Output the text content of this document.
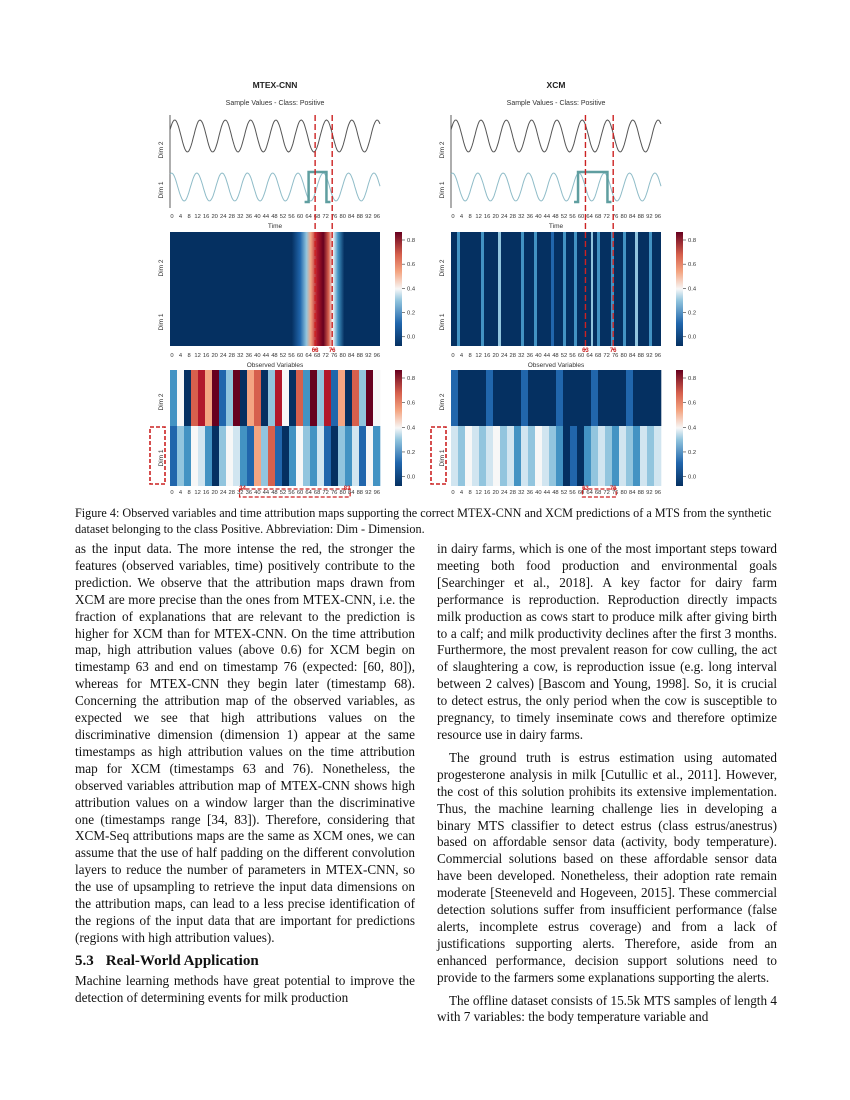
MTEX-CNN
Sample Values - Class: Positive
Dim 2
Dim 1
0
0
0
4
4
4
8
8
8
12
12
12
16
16
16
20
20
20
24
24
24
28
28
28
32
32
32
36
36
36
40
40
40
44
44
44
48
48
48
52
52
52
56
56
56
60
60
60
64
64
64
68
68
68
72
72
72
76
76
76
80
80
80
84
84
84
88
88
88
92
92
92
96
96
96
Time
Observed Variables
Dim 2
Dim 1
Dim 2
Dim 1
0.8
0.6
0.4
0.2
0.0
0.8
0.6
0.4
0.2
0.0
68 76
34	83
XCM
Sample Values - Class: Positive
Dim 2
Dim 1
0
0
0
4
4
4
8
8
8
12
12
12
16
16
16
20
20
20
24
24
24
28
28
28
32
32
32
36
36
36
40
40
40
44
44
44
48
48
48
52
52
52
56
56
56
60
60
60
64
64
64
68
68
68
72
72
72
76
76
76
80
80
80
84
84
84
88
88
88
92
92
92
96
96
96
Time
Observed Variables
Dim 2
Dim 1
Dim 2
Dim 1
0.8
0.6
0.4
0.2
0.0
0.8
0.6
0.4
0.2
0.0
63	76
63	76
Figure 4: Observed variables and time attribution maps supporting the correct MTEX-CNN and XCM predictions of a MTS from the synthetic dataset belonging to the class Positive. Abbreviation: Dim - Dimension.

as the input data. The more intense the red, the stronger the features (observed variables, time) positively contribute to the prediction. We observe that the attribution maps drawn from XCM are more precise than the ones from MTEX-CNN, i.e. the fraction of explanations that are relevant to the prediction is higher for XCM than for MTEX-CNN. On the time attribution map, high attribution values (above 0.6) for XCM begin on timestamp 63 and end on timestamp 76 (expected: [60, 80]), whereas for MTEX-CNN they begin later (timestamp 68). Concerning the attribution map of the observed variables, as expected we see that high attributions values on the discriminative dimension (dimension 1) appear at the same timestamps as high attribution values on the time attribution map for XCM (timestamps 63 and 76). Nonetheless, the observed variables attribution map of MTEX-CNN shows high attribution values on a window larger than the discriminative one (timestamps range [34, 83]). Therefore, considering that XCM-Seq attributions maps are the same as XCM ones, we can assume that the use of half padding on the different convolution layers to reduce the number of parameters in MTEX-CNN, so the use of upsampling to retrieve the input data dimensions on the attribution maps, can lead to a less precise identification of the regions of the input data that are important for predictions (regions with high attribution values).

5.3 Real-World Application

Machine learning methods have great potential to improve the detection of determining events for milk production

in dairy farms, which is one of the most important steps toward meeting both food production and environmental goals [Searchinger et al., 2018]. A key factor for dairy farm performance is reproduction. Reproduction directly impacts milk production as cows start to produce milk after giving birth to a calf; and milk productivity declines after the first 3 months. Furthermore, the most prevalent reason for cow culling, the act of slaughtering a cow, is reproduction issue (e.g. long interval between 2 calves) [Bascom and Young, 1998]. So, it is crucial to detect estrus, the only period when the cow is susceptible to pregnancy, to timely inseminate cows and therefore optimize resource use in dairy farms.

The ground truth is estrus estimation using automated progesterone analysis in milk [Cutullic et al., 2011]. However, the cost of this solution prohibits its extensive implementation. Thus, the machine learning challenge lies in developing a binary MTS classifier to detect estrus (class estrus/anestrus) based on affordable sensor data (activity, body temperature). Commercial solutions based on these affordable sensor data have been developed. Nonetheless, their adoption rate remain moderate [Steeneveld and Hogeveen, 2015]. These commercial detection solutions suffer from insufficient performance (false alerts, incomplete estrus coverage) and from a lack of justifications supporting alerts. Therefore, aside from an enhanced performance, decision support solutions need to provide to the farmers some explanations supporting the alerts.

The offline dataset consists of 15.5k MTS samples of length 4 with 7 variables: the body temperature variable and
